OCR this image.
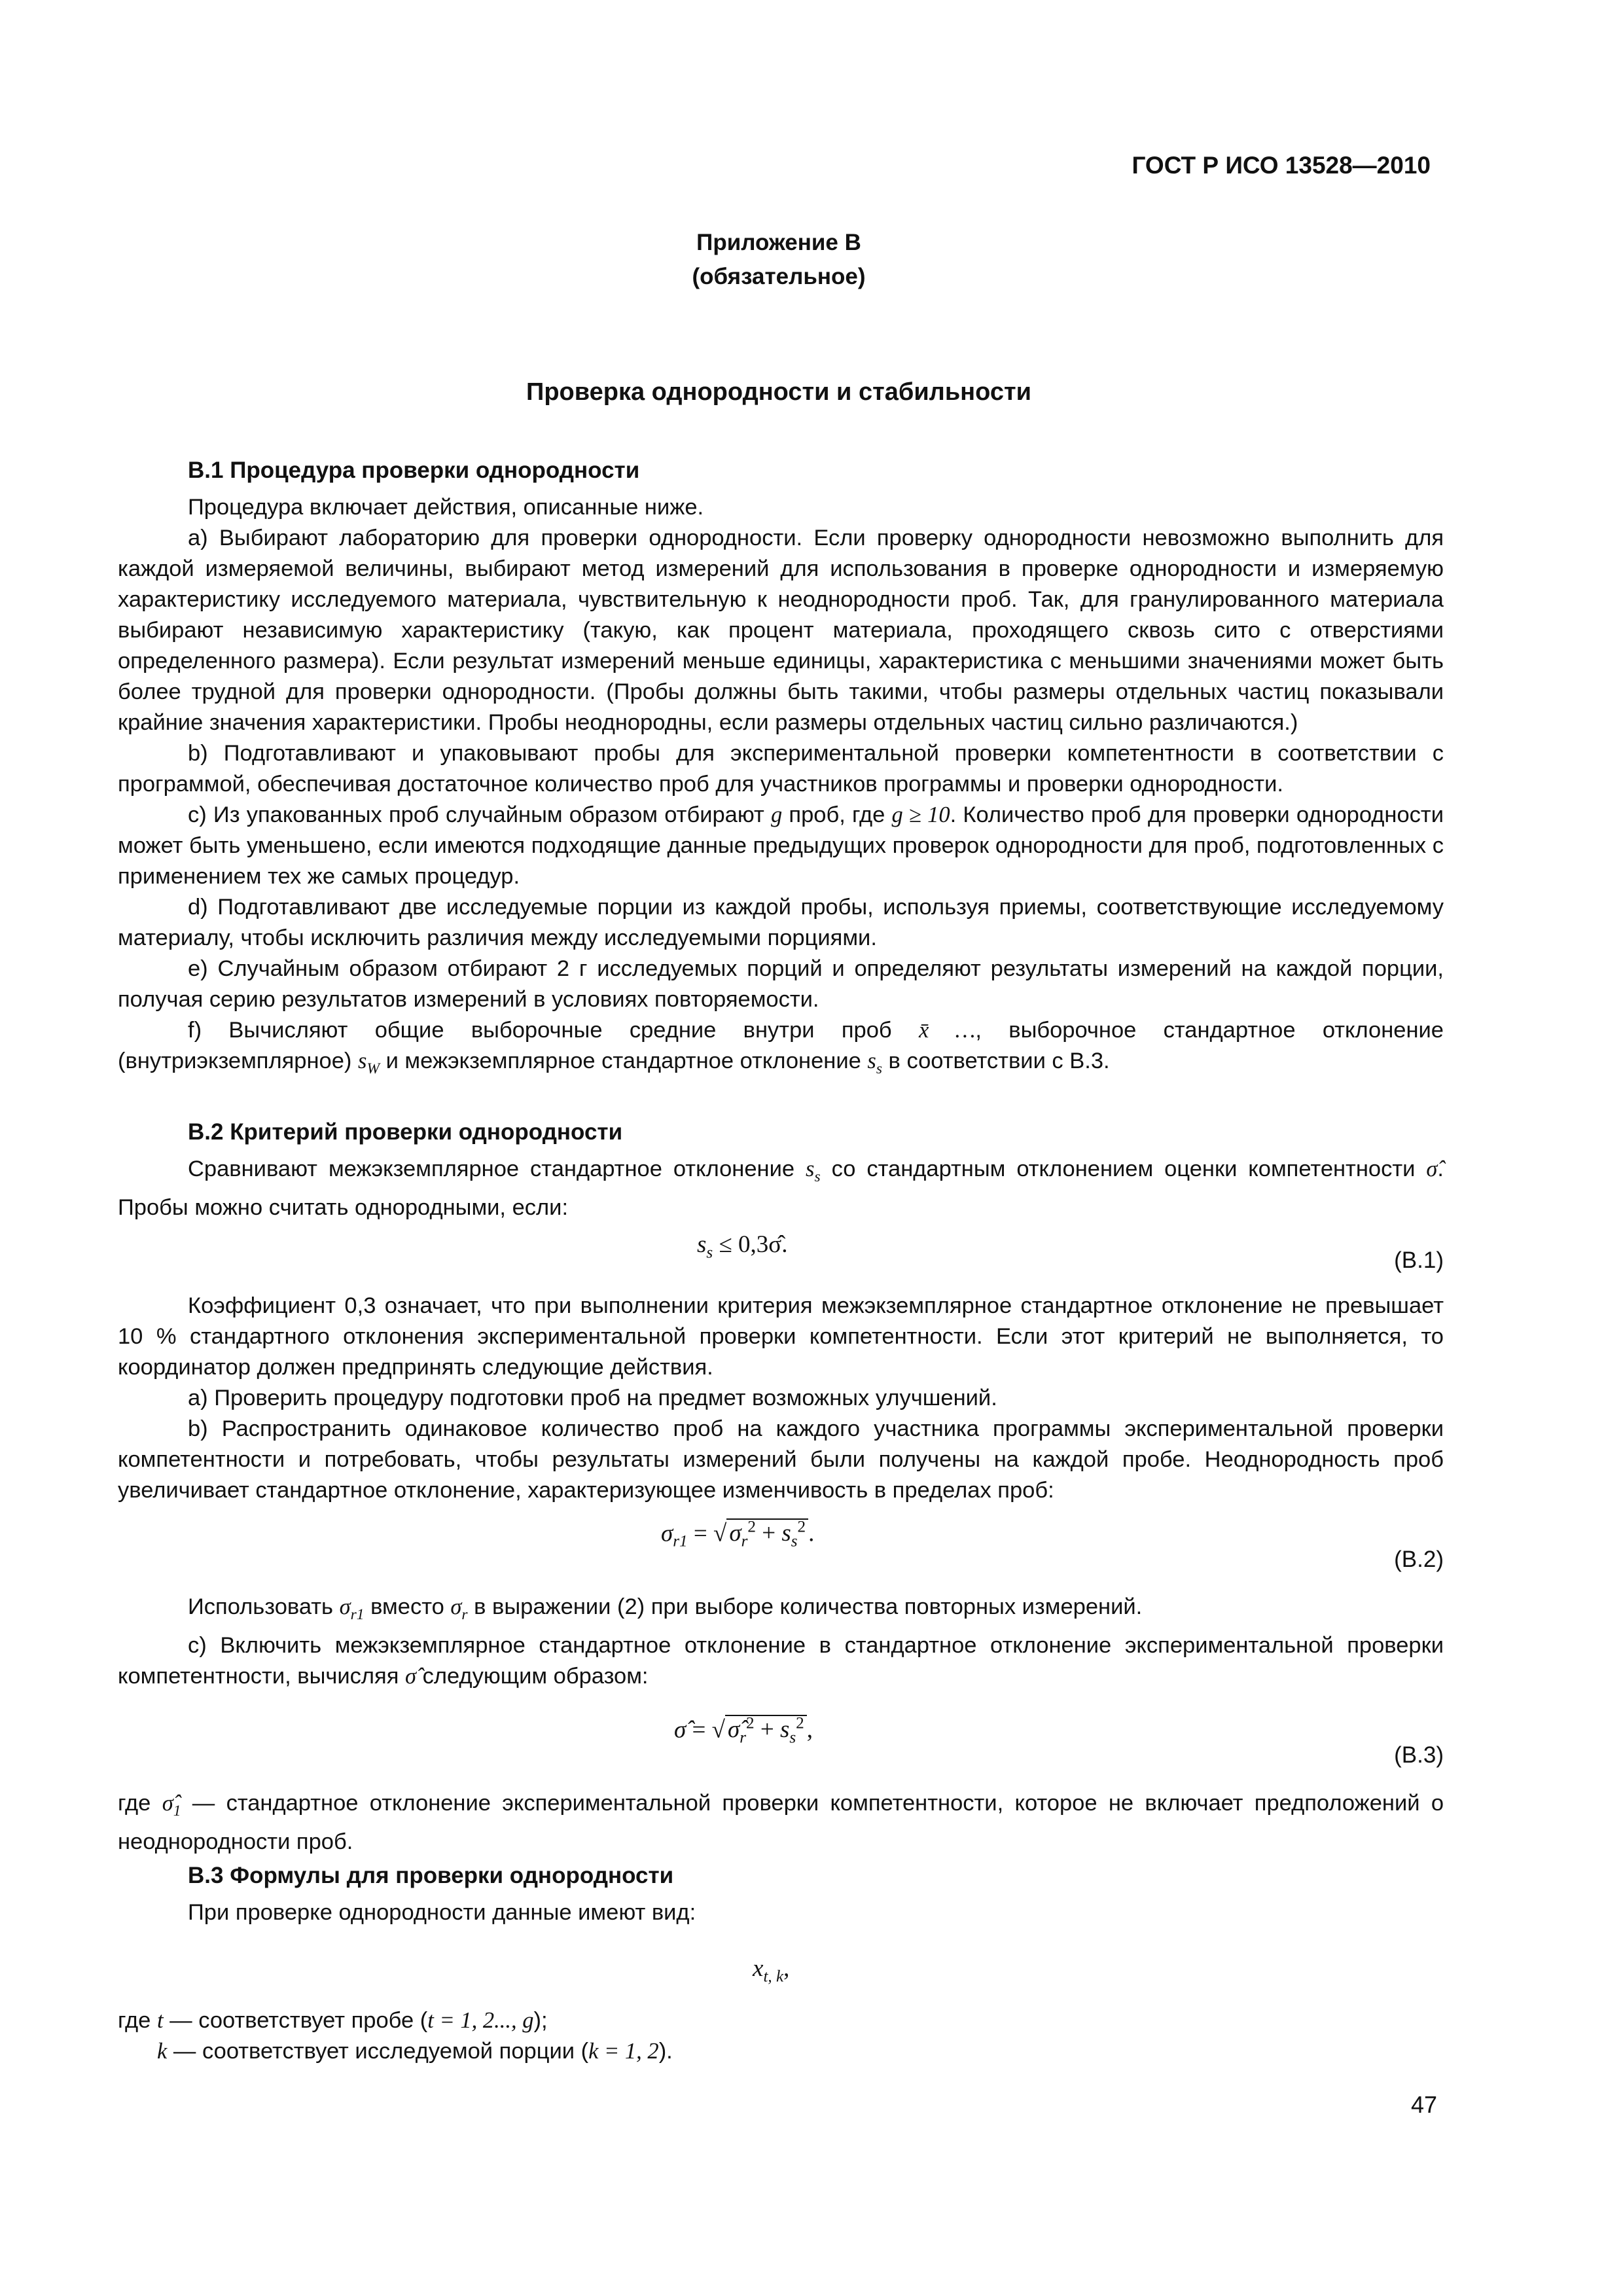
ГОСТ Р ИСО 13528—2010
Приложение B
(обязательное)
Проверка однородности и стабильности
B.1 Процедура проверки однородности

Процедура включает действия, описанные ниже.

а) Выбирают лабораторию для проверки однородности. Если проверку однородности невозможно выполнить для каждой измеряемой величины, выбирают метод измерений для использования в проверке однородности и измеряемую характеристику исследуемого материала, чувствительную к неоднородности проб. Так, для гранулированного материала выбирают независимую характеристику (такую, как процент материала, проходящего сквозь сито с отверстиями определенного размера). Если результат измерений меньше единицы, характеристика с меньшими значениями может быть более трудной для проверки однородности. (Пробы должны быть такими, чтобы размеры отдельных частиц показывали крайние значения характеристики. Пробы неоднородны, если размеры отдельных частиц сильно различаются.)

b) Подготавливают и упаковывают пробы для экспериментальной проверки компетентности в соответствии с программой, обеспечивая достаточное количество проб для участников программы и проверки однородности.

с) Из упакованных проб случайным образом отбирают g проб, где g ≥ 10. Количество проб для проверки однородности может быть уменьшено, если имеются подходящие данные предыдущих проверок однородности для проб, подготовленных с применением тех же самых процедур.

d) Подготавливают две исследуемые порции из каждой пробы, используя приемы, соответствующие исследуемому материалу, чтобы исключить различия между исследуемыми порциями.

е) Случайным образом отбирают 2 г исследуемых порций и определяют результаты измерений на каждой порции, получая серию результатов измерений в условиях повторяемости.

f) Вычисляют общие выборочные средние внутри проб x̄ …, выборочное стандартное отклонение (внутриэкземплярное) $s_W$ и межэкземплярное стандартное отклонение $s_s$ в соответствии с B.3.

B.2 Критерий проверки однородности

Сравнивают межэкземплярное стандартное отклонение $s_s$ со стандартным отклонением оценки компетентности σ̂. Пробы можно считать однородными, если:

$s_s$ ≤ 0,3σ̂.
(B.1)

Коэффициент 0,3 означает, что при выполнении критерия межэкземплярное стандартное отклонение не превышает 10 % стандартного отклонения экспериментальной проверки компетентности. Если этот критерий не выполняется, то координатор должен предпринять следующие действия.

а) Проверить процедуру подготовки проб на предмет возможных улучшений.

b) Распространить одинаковое количество проб на каждого участника программы экспериментальной проверки компетентности и потребовать, чтобы результаты измерений были получены на каждой пробе. Неоднородность проб увеличивает стандартное отклонение, характеризующее изменчивость в пределах проб:

$\sigma_{r1}$ = √ $\sigma_r^2 + s_s^2$ .
(B.2)

Использовать $\sigma_{r1}$ вместо $\sigma_r$ в выражении (2) при выборе количества повторных измерений.

с) Включить межэкземплярное стандартное отклонение в стандартное отклонение экспериментальной проверки компетентности, вычисляя σ̂ следующим образом:

σ̂ = √ $\sigmâ_r^2 + s_s^2$ ,
(B.3)

где $\sigmâ_1$ — стандартное отклонение экспериментальной проверки компетентности, которое не включает предположений о неоднородности проб.

B.3 Формулы для проверки однородности

При проверке однородности данные имеют вид:

$x_{t, k}$,

где t — соответствует пробе (t = 1, 2..., g);

k — соответствует исследуемой порции (k = 1, 2).

47
